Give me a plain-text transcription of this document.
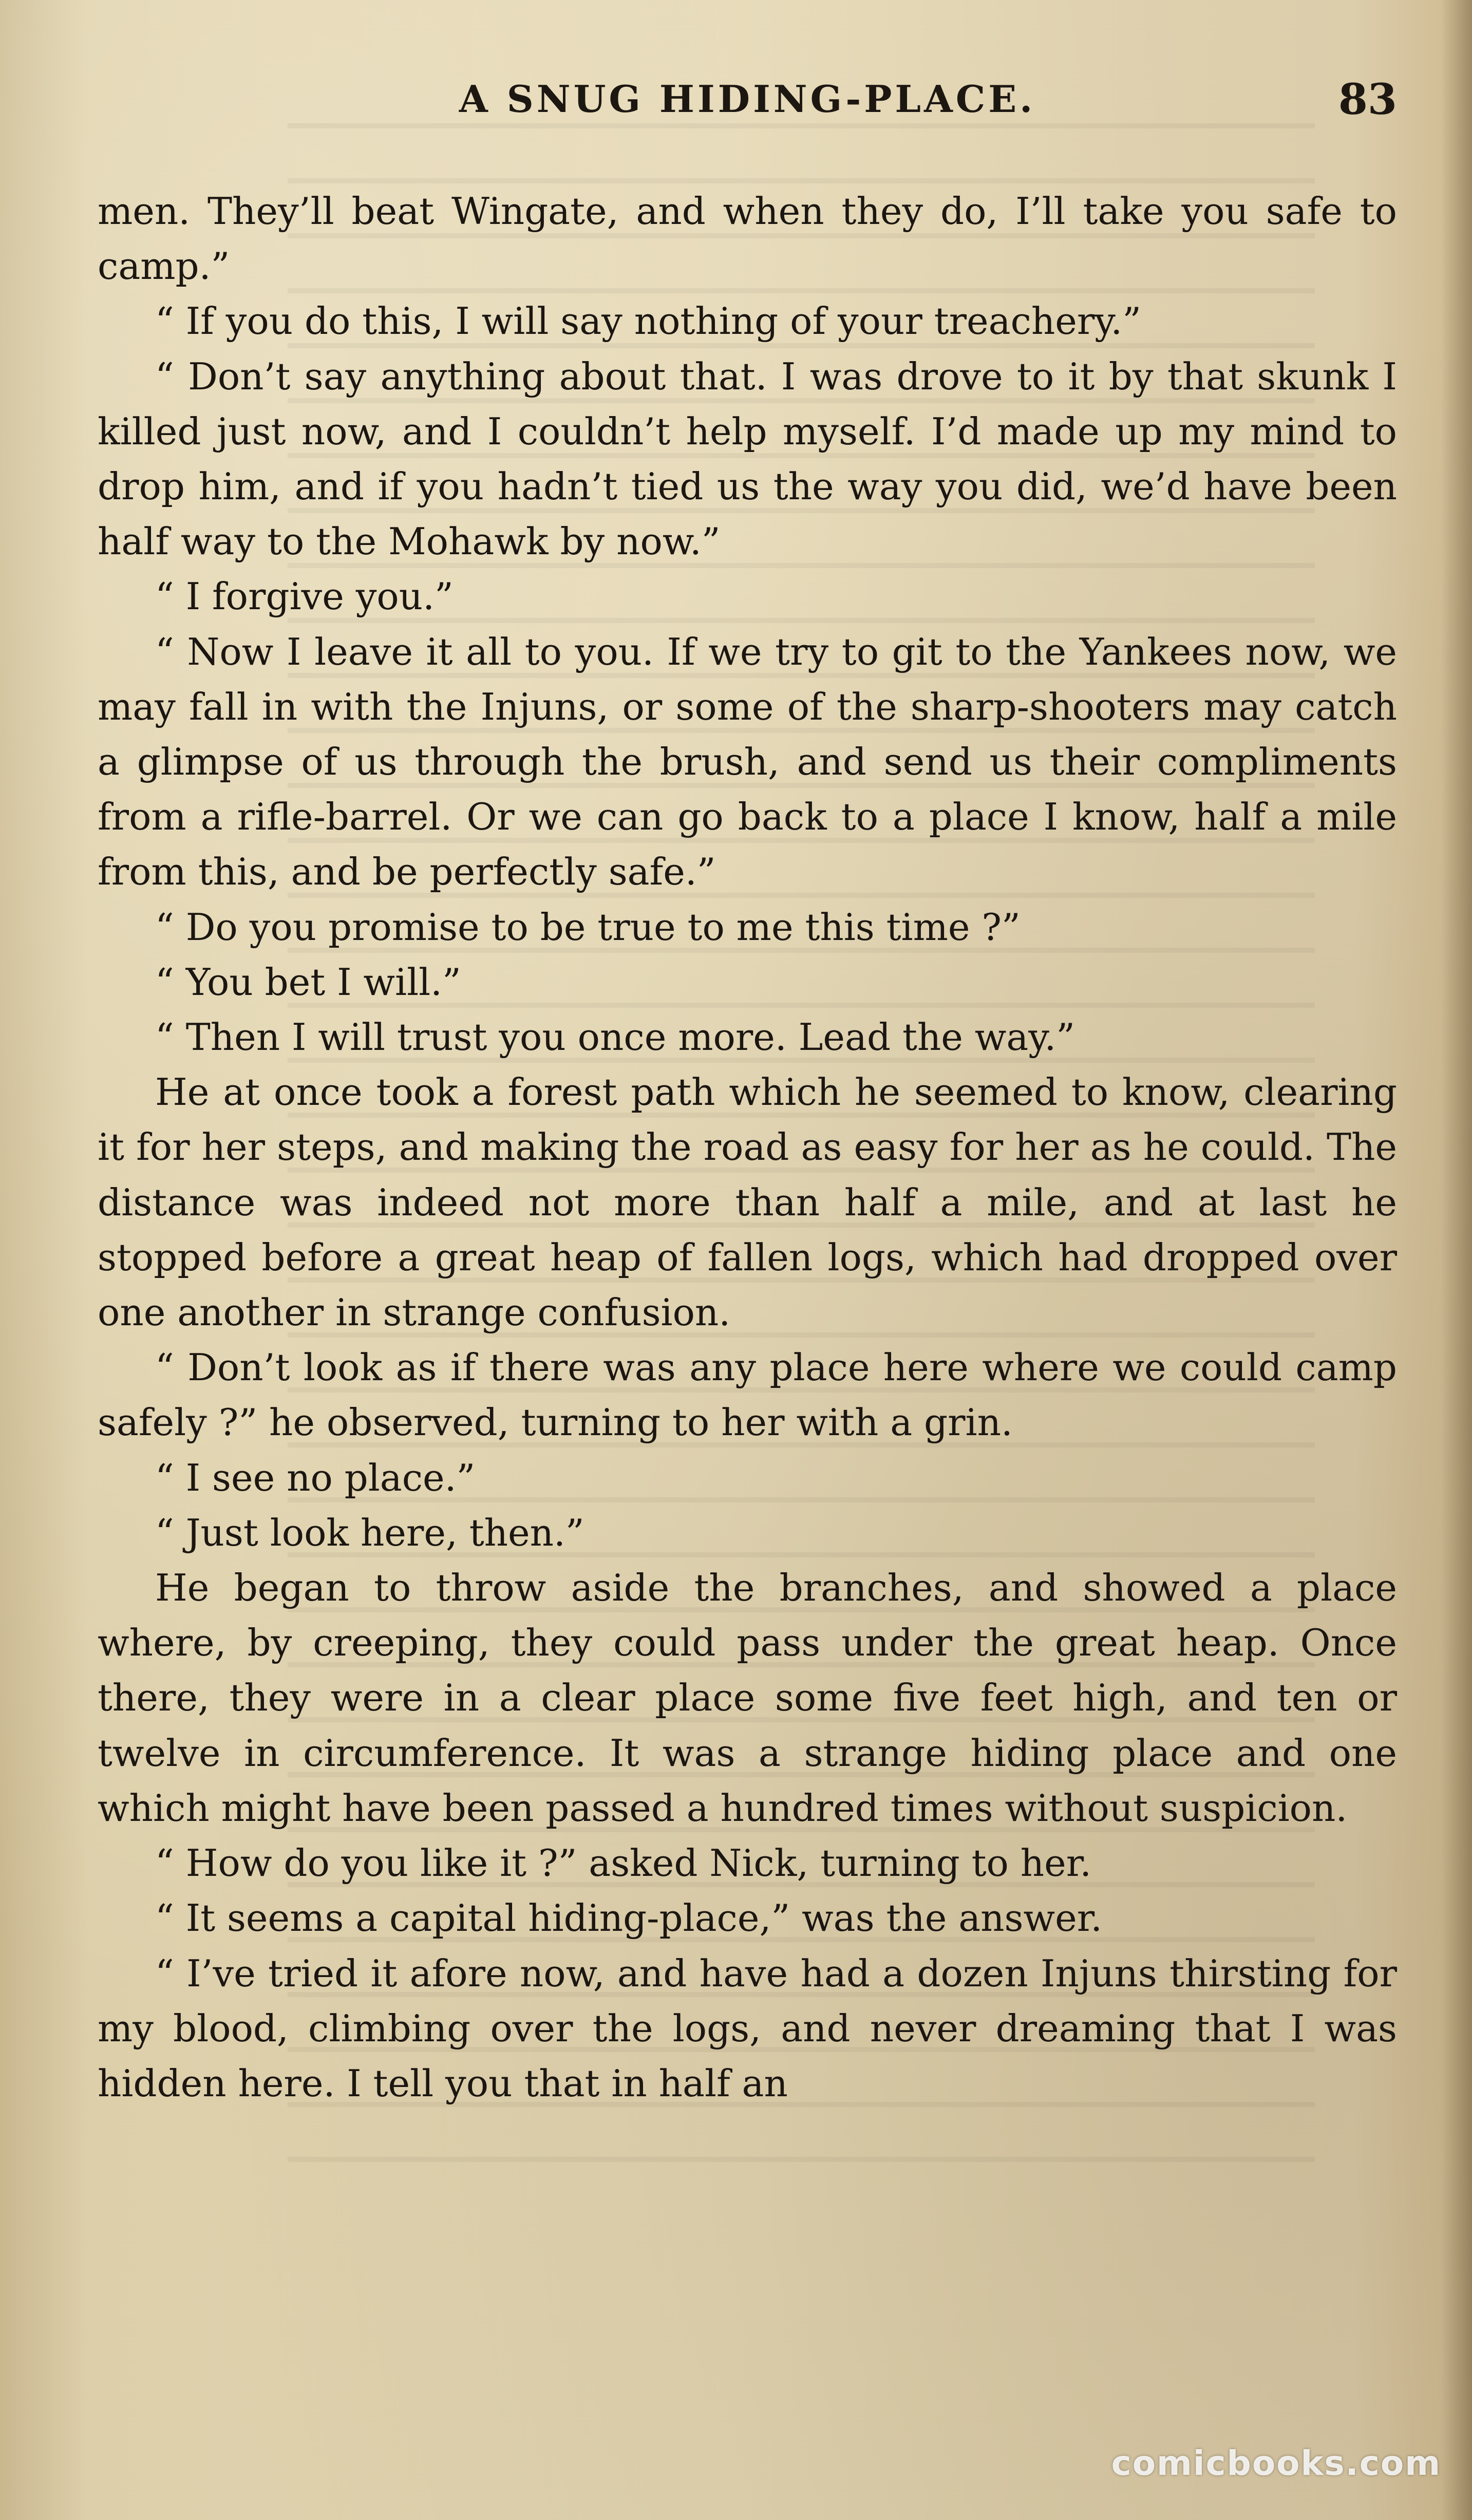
A SNUG HIDING-PLACE.	83

men. They’ll beat Wingate, and when they do, I’ll take you safe to camp.”

“ If you do this, I will say nothing of your treachery.”

“ Don’t say anything about that. I was drove to it by that skunk I killed just now, and I couldn’t help myself. I’d made up my mind to drop him, and if you hadn’t tied us the way you did, we’d have been half way to the Mohawk by now.”

“ I forgive you.”

“ Now I leave it all to you. If we try to git to the Yankees now, we may fall in with the Injuns, or some of the sharp-shooters may catch a glimpse of us through the brush, and send us their compliments from a rifle-barrel. Or we can go back to a place I know, half a mile from this, and be perfectly safe.”

“ Do you promise to be true to me this time ?”

“ You bet I will.”

“ Then I will trust you once more. Lead the way.”

He at once took a forest path which he seemed to know, clearing it for her steps, and making the road as easy for her as he could. The distance was indeed not more than half a mile, and at last he stopped before a great heap of fallen logs, which had dropped over one another in strange confusion.

“ Don’t look as if there was any place here where we could camp safely ?” he observed, turning to her with a grin.

“ I see no place.”

“ Just look here, then.”

He began to throw aside the branches, and showed a place where, by creeping, they could pass under the great heap. Once there, they were in a clear place some five feet high, and ten or twelve in circumference. It was a strange hiding place and one which might have been passed a hundred times without suspicion.

“ How do you like it ?” asked Nick, turning to her.

“ It seems a capital hiding-place,” was the answer.

“ I’ve tried it afore now, and have had a dozen Injuns thirsting for my blood, climbing over the logs, and never dreaming that I was hidden here. I tell you that in half an

comicbooks.com
